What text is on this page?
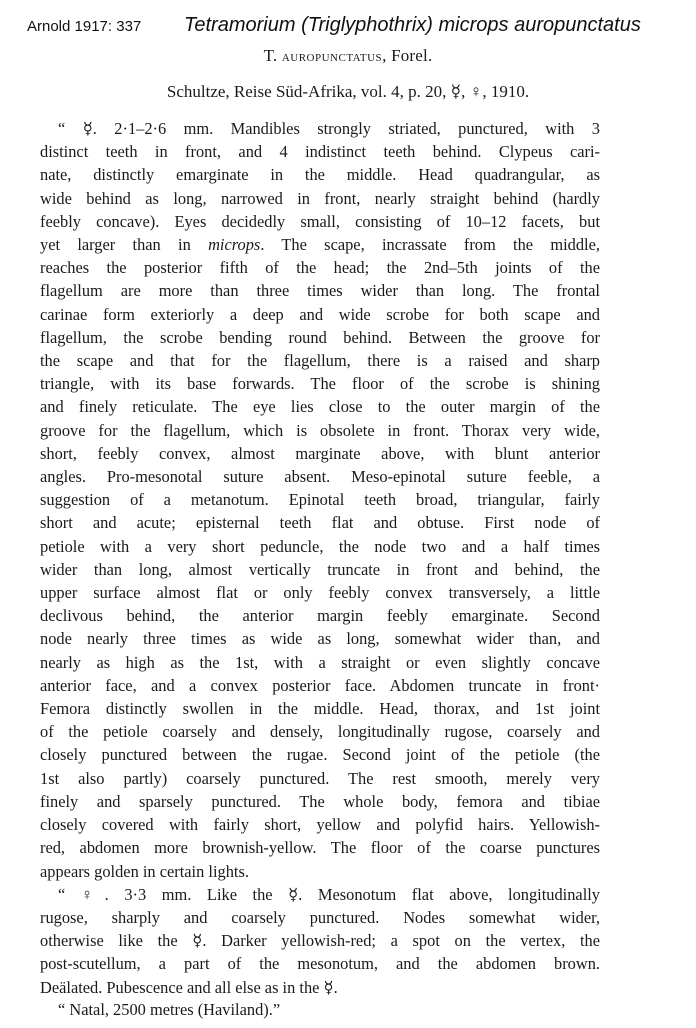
Arnold 1917: 337 Tetramorium (Triglyphothrix) microps auropunctatus
T. auropunctatus, Forel.
Schultze, Reise Süd-Afrika, vol. 4, p. 20, ☿, ♀, 1910.
“ ☿. 2·1–2·6 mm. Mandibles strongly striated, punctured, with 3
distinct teeth in front, and 4 indistinct teeth behind. Clypeus cari-
nate, distinctly emarginate in the middle. Head quadrangular, as
wide behind as long, narrowed in front, nearly straight behind (hardly
feebly concave). Eyes decidedly small, consisting of 10–12 facets, but
yet larger than in microps. The scape, incrassate from the middle,
reaches the posterior fifth of the head; the 2nd–5th joints of the
flagellum are more than three times wider than long. The frontal
carinae form exteriorly a deep and wide scrobe for both scape and
flagellum, the scrobe bending round behind. Between the groove for
the scape and that for the flagellum, there is a raised and sharp
triangle, with its base forwards. The floor of the scrobe is shining
and finely reticulate. The eye lies close to the outer margin of the
groove for the flagellum, which is obsolete in front. Thorax very wide,
short, feebly convex, almost marginate above, with blunt anterior
angles. Pro-mesonotal suture absent. Meso-epinotal suture feeble, a
suggestion of a metanotum. Epinotal teeth broad, triangular, fairly
short and acute; episternal teeth flat and obtuse. First node of
petiole with a very short peduncle, the node two and a half times
wider than long, almost vertically truncate in front and behind, the
upper surface almost flat or only feebly convex transversely, a little
declivous behind, the anterior margin feebly emarginate. Second
node nearly three times as wide as long, somewhat wider than, and
nearly as high as the 1st, with a straight or even slightly concave
anterior face, and a convex posterior face. Abdomen truncate in front·
Femora distinctly swollen in the middle. Head, thorax, and 1st joint
of the petiole coarsely and densely, longitudinally rugose, coarsely and
closely punctured between the rugae. Second joint of the petiole (the
1st also partly) coarsely punctured. The rest smooth, merely very
finely and sparsely punctured. The whole body, femora and tibiae
closely covered with fairly short, yellow and polyfid hairs. Yellowish-
red, abdomen more brownish-yellow. The floor of the coarse punctures
appears golden in certain lights.
“ ♀. 3·3 mm. Like the ☿. Mesonotum flat above, longitudinally
rugose, sharply and coarsely punctured. Nodes somewhat wider,
otherwise like the ☿. Darker yellowish-red; a spot on the vertex, the
post-scutellum, a part of the mesonotum, and the abdomen brown.
Deälated. Pubescence and all else as in the ☿.
“ Natal, 2500 metres (Haviland).”
